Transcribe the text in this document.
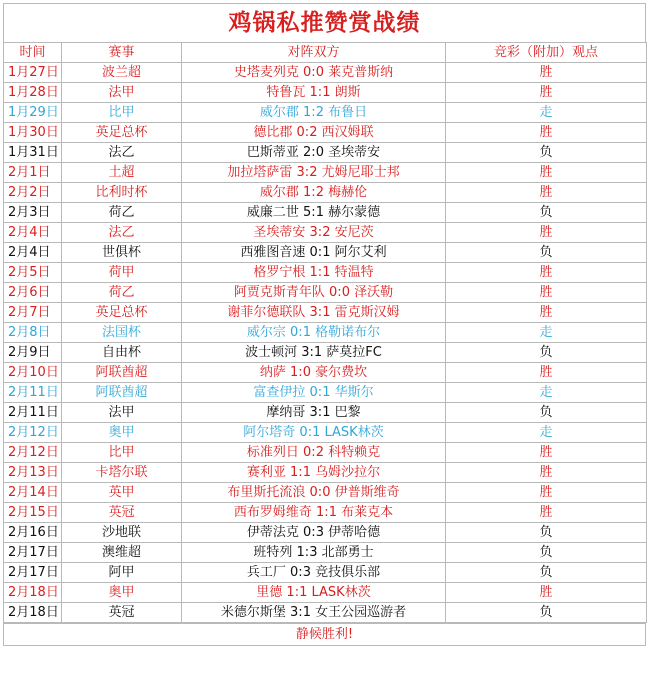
鸡锅私推赞赏战绩
时间	赛事	对阵双方	竞彩（附加）观点
1月27日	波兰超	史塔麦列克 0:0 莱克普斯纳	胜
1月28日	法甲	特鲁瓦 1:1 朗斯	胜
1月29日	比甲	威尔郡 1:2 布鲁日	走
1月30日	英足总杯	德比郡 0:2 西汉姆联	胜
1月31日	法乙	巴斯蒂亚 2:0 圣埃蒂安	负
2月1日	土超	加拉塔萨雷 3:2 尤姆尼耶士邦	胜
2月2日	比利时杯	威尔郡 1:2 梅赫伦	胜
2月3日	荷乙	威廉二世 5:1 赫尔蒙德	负
2月4日	法乙	圣埃蒂安 3:2 安尼茨	胜
2月4日	世俱杯	西雅图音速 0:1 阿尔艾利	负
2月5日	荷甲	格罗宁根 1:1 特温特	胜
2月6日	荷乙	阿贾克斯青年队 0:0 泽沃勒	胜
2月7日	英足总杯	谢菲尔德联队 3:1 雷克斯汉姆	胜
2月8日	法国杯	威尔宗 0:1 格勒诺布尔	走
2月9日	自由杯	波士顿河 3:1 萨莫拉FC	负
2月10日	阿联酋超	纳萨 1:0 豪尔费坎	胜
2月11日	阿联酋超	富查伊拉 0:1 华斯尔	走
2月11日	法甲	摩纳哥 3:1 巴黎	负
2月12日	奥甲	阿尔塔奇 0:1 LASK林茨	走
2月12日	比甲	标准列日 0:2 科特赖克	胜
2月13日	卡塔尔联	赛利亚 1:1 乌姆沙拉尔	胜
2月14日	英甲	布里斯托流浪 0:0 伊普斯维奇	胜
2月15日	英冠	西布罗姆维奇 1:1 布莱克本	胜
2月16日	沙地联	伊蒂法克 0:3 伊蒂哈德	负
2月17日	澳维超	班特列 1:3 北部勇士	负
2月17日	阿甲	兵工厂 0:3 竞技俱乐部	负
2月18日	奥甲	里德 1:1 LASK林茨	胜
2月18日	英冠	米德尔斯堡 3:1 女王公园巡游者	负
静候胜利!
